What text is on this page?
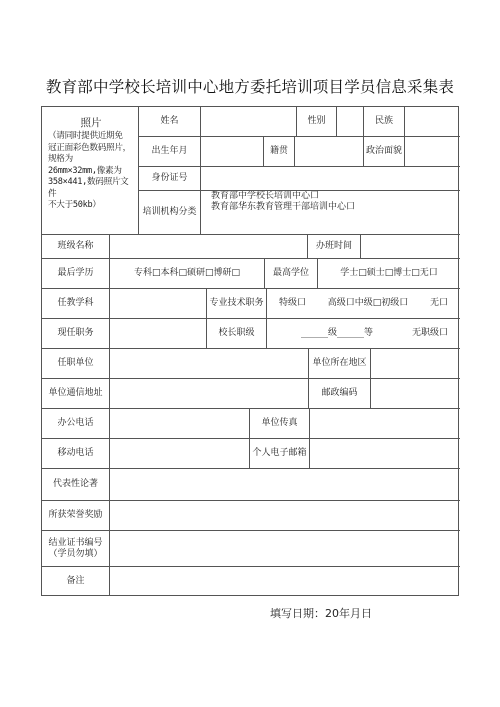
教育部中学校长培训中心地方委托培训项目学员信息采集表
照片
（请同时提供近期免
冠正面彩色数码照片，
规格为
26mm×32mm,像素为
358×441,数码照片文件
不大于50kb）
姓名	性别	民族
出生年月	籍贯	政治面貌
身份证号
培训机构分类
教育部中学校长培训中心口
教育部华东教育管理干部培训中心口
班级名称	办班时间
最后学历	专科□本科□硕研□博研□	最高学位	学士□硕士□博士□无口
任教学科	专业技术职务	特级口 高级口中级□初级口 无口
现任职务	校长职级	______级______等	无职级口
任职单位	单位所在地区
单位通信地址	邮政编码
办公电话	单位传真
移动电话	个人电子邮箱
代表性论著
所获荣誉奖励
结业证书编号
（学员勿填）
备注
填写日期：20年月日
